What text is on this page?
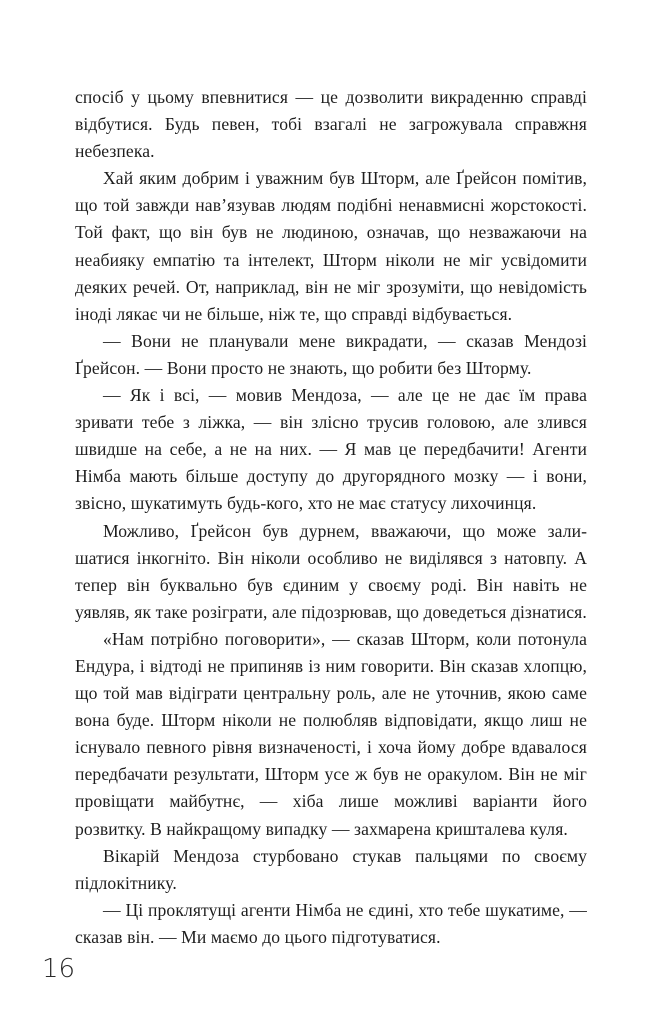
спосіб у цьому впевнитися — це дозволити викраденню справді відбутися. Будь певен, тобі взагалі не загрожувала справжня небезпека.

Хай яким добрим і уважним був Шторм, але Ґрейсон помітив, що той завжди нав’язував людям подібні ненавмисні жорстокості. Той факт, що він був не людиною, означав, що незважаючи на неабияку емпатію та інтелект, Шторм ніколи не міг усвідомити деяких речей. От, наприклад, він не міг зрозуміти, що невідомість іноді лякає чи не більше, ніж те, що справді відбувається.

— Вони не планували мене викрадати, — сказав Мендозі Ґрейсон. — Вони просто не знають, що робити без Шторму.

— Як і всі, — мовив Мендоза, — але це не дає їм права зривати тебе з ліжка, — він злісно трусив головою, але злився швидше на себе, а не на них. — Я мав це передбачити! Агенти Німба мають більше доступу до другорядного мозку — і вони, звісно, шукатимуть будь-кого, хто не має статусу лихочинця.

Можливо, Ґрейсон був дурнем, вважаючи, що може залишатися інкогніто. Він ніколи особливо не виділявся з натовпу. А тепер він буквально був єдиним у своєму роді. Він навіть не уявляв, як таке розіграти, але підозрював, що доведеться дізнатися.

«Нам потрібно поговорити», — сказав Шторм, коли потонула Ендура, і відтоді не припиняв із ним говорити. Він сказав хлопцю, що той мав відіграти центральну роль, але не уточнив, якою саме вона буде. Шторм ніколи не полюбляв відповідати, якщо лиш не існувало певного рівня визначеності, і хоча йому добре вдавалося передбачати результати, Шторм усе ж був не оракулом. Він не міг провіщати майбутнє, — хіба лише можливі варіанти його розвитку. В найкращому випадку — захмарена кришталева куля.

Вікарій Мендоза стурбовано стукав пальцями по своєму підлокітнику.

— Ці проклятущі агенти Німба не єдині, хто тебе шукатиме, — сказав він. — Ми маємо до цього підготуватися.

16
